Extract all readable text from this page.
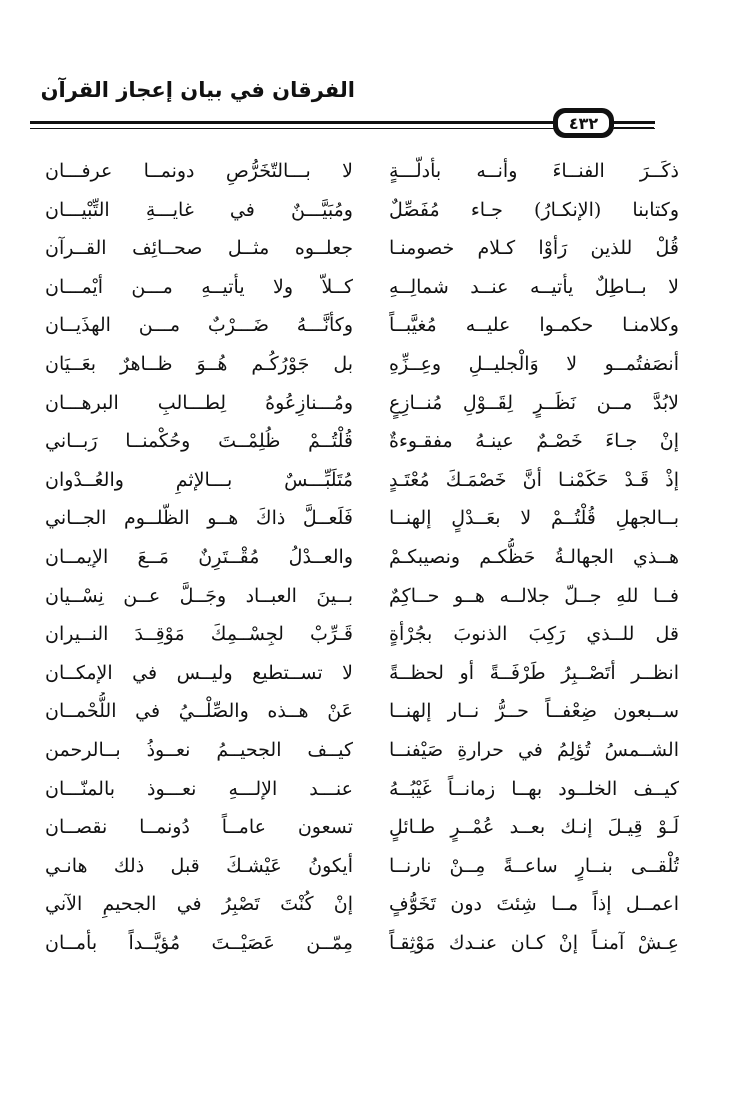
الفرقان في بيان إعجاز القرآن
٤٣٢
ذكَــرَ الفنــاءَ وأنــه بأدلّـــةٍ
وكتابنا (الإنكـارُ) جـاء مُفَصِّلٌ
قُلْ للذين رَأوْا كـلام خصومنـا
لا بــاطِلٌ يأتيــه عنــد شمالِــهِ
وكلامنـا حكمـوا عليــه مُغيَّبــاً
أنصَفتُمــو لا وَالْجليــلِ وعِــزِّهِ
لابُدَّ مــن نَظَــرٍ لِقَــوْلِ مُنــازِعٍ
إنْ جـاءَ خَصْـمٌ عينـهُ مفقـوءةٌ
إذْ قَـدْ حَكَمْنـا أنَّ خَصْمَـكَ مُعْتَـدٍ
بــالجهلِ قُلْتُــمْ لا بعَــدْلٍ إلهنــا
هــذي الجهالـةُ حَظُّكـم ونصيبكـمْ
فــا للهِ جــلّ جلالــه هــو حــاكِمٌ
قل للــذي رَكِبَ الذنوبَ بجُرْأةٍ
انظــر أتَصْــبِرُ طَرْفَــةً أو لحظــةً
ســبعون ضِعْفــاً حــرُّ نــار إلهنــا
الشــمسُ تُؤلِمُ في حرارةِ صَيْفنــا
كيــف الخلــود بهــا زمانــاً غَيْبُــهُ
لَـوْ قِيـلَ إنـك بعــد عُمْــرٍ طـائلٍ
تُلْقــى بنــارٍ ساعــةً مِــنْ نارنــا
اعمــل إذاً مــا شِئتَ دون تَخَوُّفٍ
عِـشْ آمنـاً إنْ كـان عنـدك مَوْثِقـاً
لا بـــالتّخَرُّصِ دونمــا عرفـــان
ومُبَيَّـــنٌ في غايـــةِ التِّبْيـــان
جعلــوه مثــل صحــائِف القــرآن
كــلاّ ولا يأتيــهِ مـــن أيْمـــان
وكأنَّـــهُ ضَـــرْبٌ مـــن الهذَيــان
بل جَوْرُكُـم هُــوَ ظــاهرٌ بعَــيَان
ومُـــنازِعُوهُ لِطـــالبِ البرهـــان
قُلْتُــمْ ظُلِمْــتَ وحُكْمنــا رَبــاني
مُتَلَبِّـــسٌ بـــالإثمِ والعُــدْوان
فَلَعــلَّ ذاكَ هــو الظّلــوم الجــاني
والعــدْلُ مُقْــتَرِنٌ مَــعَ الإيمــان
بــينَ العبــاد وجَــلَّ عــن نِسْــيان
قَـرِّبْ لجِسْــمِكَ مَوْقِــدَ النــيران
لا تســتطيع وليــس في الإمكــان
عَنْ هــذه والصِّلْــيُ في اللُّحْمــان
كيــف الجحيــمُ نعــوذُ بــالرحمن
عنـــد الإلـــهِ نعـــوذ بالمنّـــان
تسعون عامــاً دُونمــا نقصــان
أيكونُ عَيْشـكَ قبل ذلك هانـي
إنْ كُنْتَ تَصْبِرُ في الجحيمِ الآني
مِمّــن عَصَيْــتَ مُؤيَّــداً بأمــان
